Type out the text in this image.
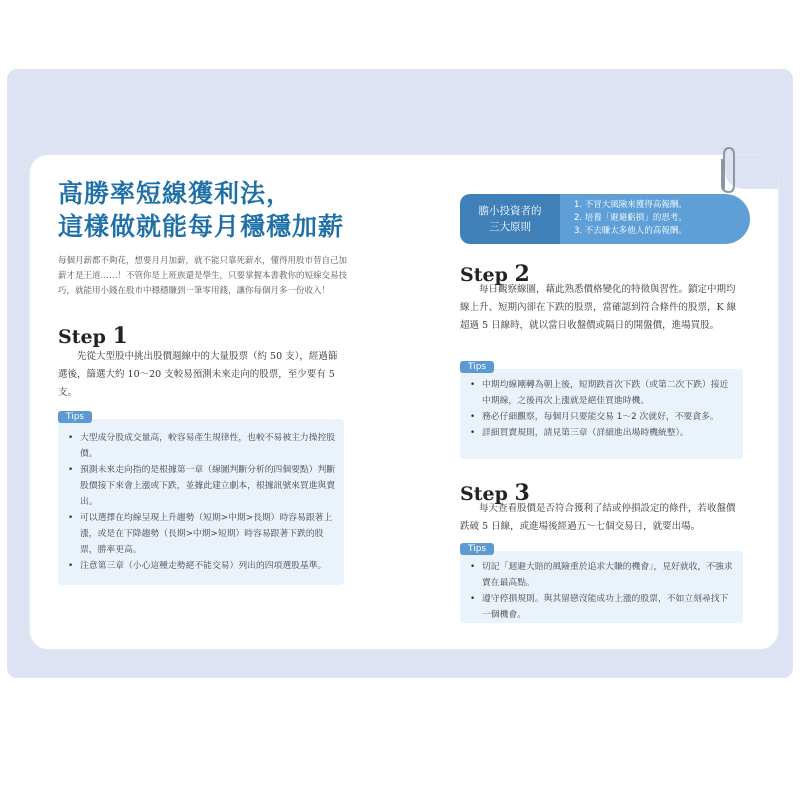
高勝率短線獲利法，
這樣做就能每月穩穩加薪
每個月薪都不夠花，想要月月加薪，就不能只靠死薪水，懂得用股市替自己加薪才是王道……！不管你是上班族還是學生，只要掌握本書教你的短線交易技巧，就能用小錢在股市中穩穩賺到一筆零用錢，讓你每個月多一份收入！
Step 1
先從大型股中挑出股價週線中的大量股票（約 50 支），經過篩選後，篩選大約 10～20 支較易預測未來走向的股票，至少要有 5 支。
Tips
• 大型成分股成交量高，較容易產生規律性，也較不易被主力操控股價。
• 預測未來走向指的是根據第一章（線圖判斷分析的四個要點）判斷股價接下來會上漲或下跌，並據此建立劇本，根據訊號來買進與賣出。
• 可以選擇在均線呈現上升趨勢（短期>中期>長期）時容易跟著上漲，或是在下降趨勢（長期>中期>短期）時容易跟著下跌的股票，勝率更高。
• 注意第三章（小心這種走勢絕不能交易）列出的四項選股基準。
膽小投資者的
三大原則
1. 不冒大風險來獲得高報酬。
2. 培養「避避虧損」的思考。
3. 不去賺太多他人的高報酬。
Step 2
每日觀察線圖，藉此熟悉價格變化的特徵與習性。鎖定中期均線上升、短期內卻在下跌的股票，當確認到符合條件的股票，K 線超過 5 日線時，就以當日收盤價或隔日的開盤價，進場買股。
Tips
• 中期均線剛轉為朝上後，短期跌首次下跌（或第二次下跌）接近中期線，之後再次上漲就是絕佳買進時機。
• 務必仔細觀察，每個月只要能交易 1～2 次就好，不要貪多。
• 詳細買賣規則，請見第三章（詳細進出場時機統整）。
Step 3
每天查看股價是否符合獲利了結或停損設定的條件，若收盤價跌破 5 日線，或進場後經過五～七個交易日，就要出場。
Tips
• 切記「迴避大賠的風險重於追求大賺的機會」，見好就收，不強求賣在最高點。
• 遵守停損規則。與其留戀沒能成功上漲的股票，不如立刻尋找下一個機會。
